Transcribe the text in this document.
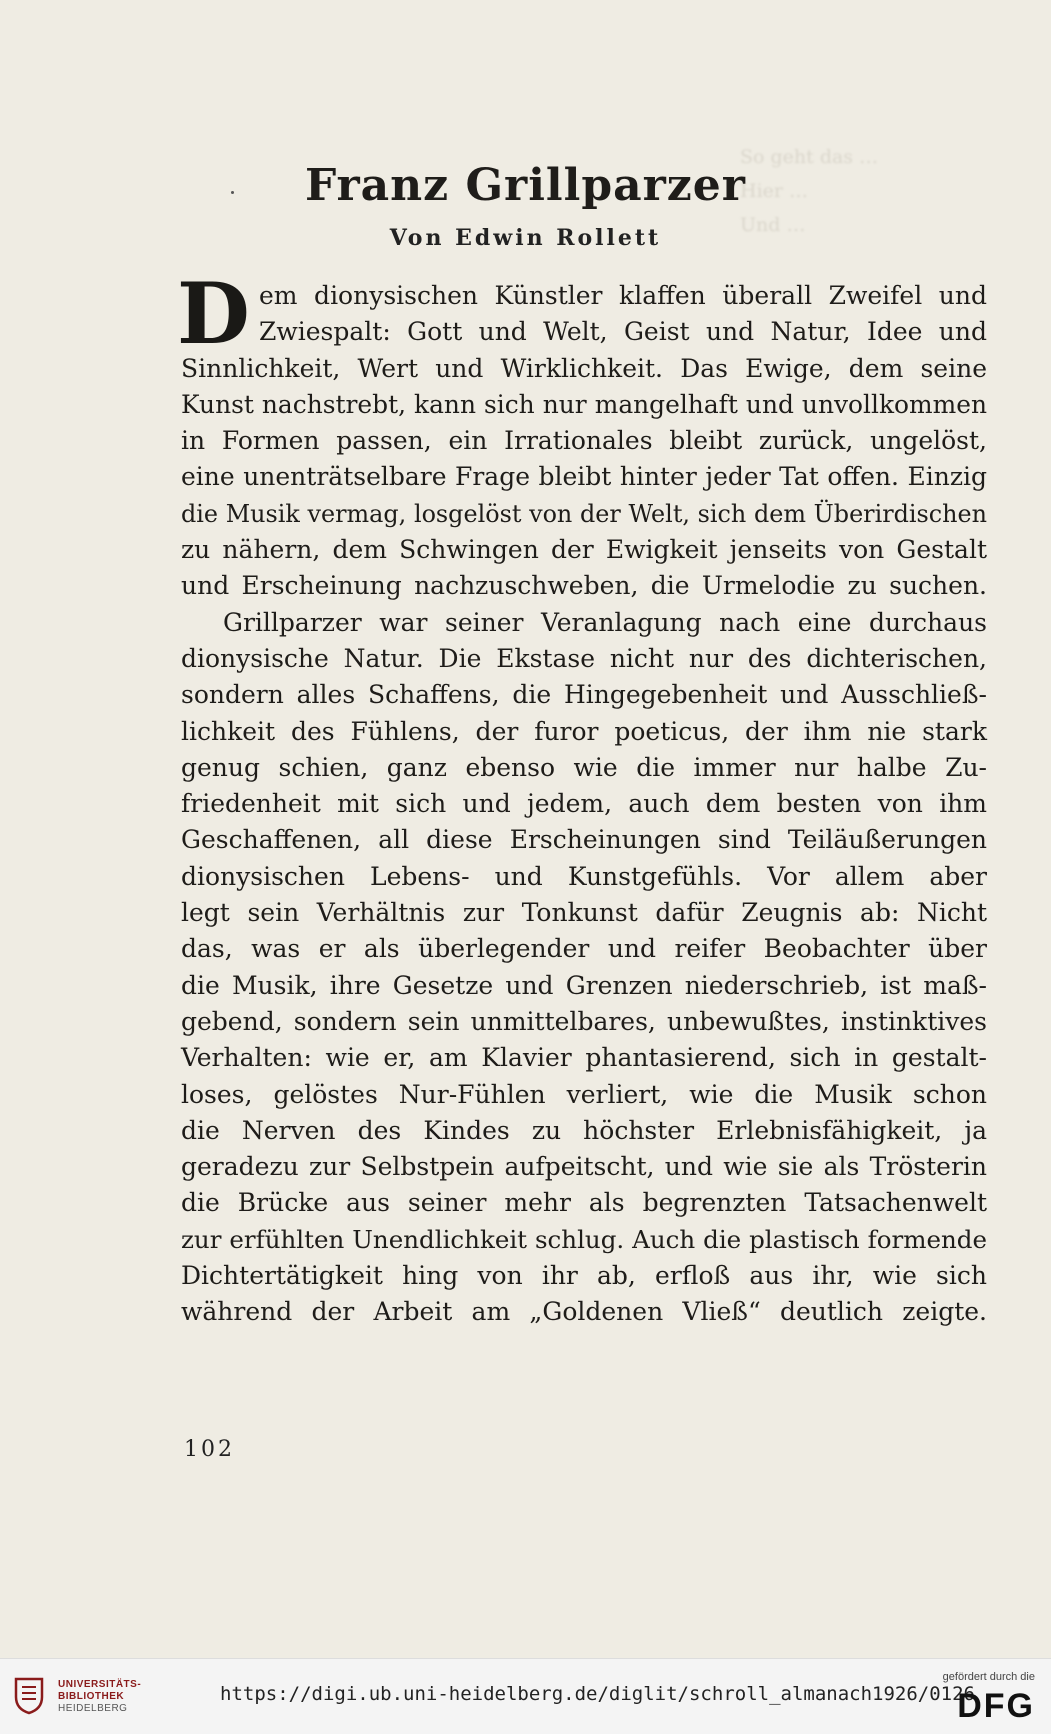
So geht das …
Hier …
Und …
Franz Grillparzer
Von Edwin Rollett
D em dionysischen Künstler klaffen überall Zweifel und
Zwiespalt: Gott und Welt, Geist und Natur, Idee und
Sinnlichkeit, Wert und Wirklichkeit. Das Ewige, dem seine
Kunst nachstrebt, kann sich nur mangelhaft und unvollkommen
in Formen passen, ein Irrationales bleibt zurück, ungelöst,
eine unenträtselbare Frage bleibt hinter jeder Tat offen. Einzig
die Musik vermag, losgelöst von der Welt, sich dem Überirdischen
zu nähern, dem Schwingen der Ewigkeit jenseits von Gestalt
und Erscheinung nachzuschweben, die Urmelodie zu suchen.
Grillparzer war seiner Veranlagung nach eine durchaus
dionysische Natur. Die Ekstase nicht nur des dichterischen,
sondern alles Schaffens, die Hingegebenheit und Ausschließ-
lichkeit des Fühlens, der furor poeticus, der ihm nie stark
genug schien, ganz ebenso wie die immer nur halbe Zu-
friedenheit mit sich und jedem, auch dem besten von ihm
Geschaffenen, all diese Erscheinungen sind Teiläußerungen
dionysischen Lebens- und Kunstgefühls. Vor allem aber
legt sein Verhältnis zur Tonkunst dafür Zeugnis ab: Nicht
das, was er als überlegender und reifer Beobachter über
die Musik, ihre Gesetze und Grenzen niederschrieb, ist maß-
gebend, sondern sein unmittelbares, unbewußtes, instinktives
Verhalten: wie er, am Klavier phantasierend, sich in gestalt-
loses, gelöstes Nur-Fühlen verliert, wie die Musik schon
die Nerven des Kindes zu höchster Erlebnisfähigkeit, ja
geradezu zur Selbstpein aufpeitscht, und wie sie als Trösterin
die Brücke aus seiner mehr als begrenzten Tatsachenwelt
zur erfühlten Unendlichkeit schlug. Auch die plastisch formende
Dichtertätigkeit hing von ihr ab, erfloß aus ihr, wie sich
während der Arbeit am „Goldenen Vließ“ deutlich zeigte.
102
UNIVERSITÄTS-
BIBLIOTHEK
HEIDELBERG
https://digi.ub.uni-heidelberg.de/diglit/schroll_almanach1926/0126
gefördert durch die
DFG
